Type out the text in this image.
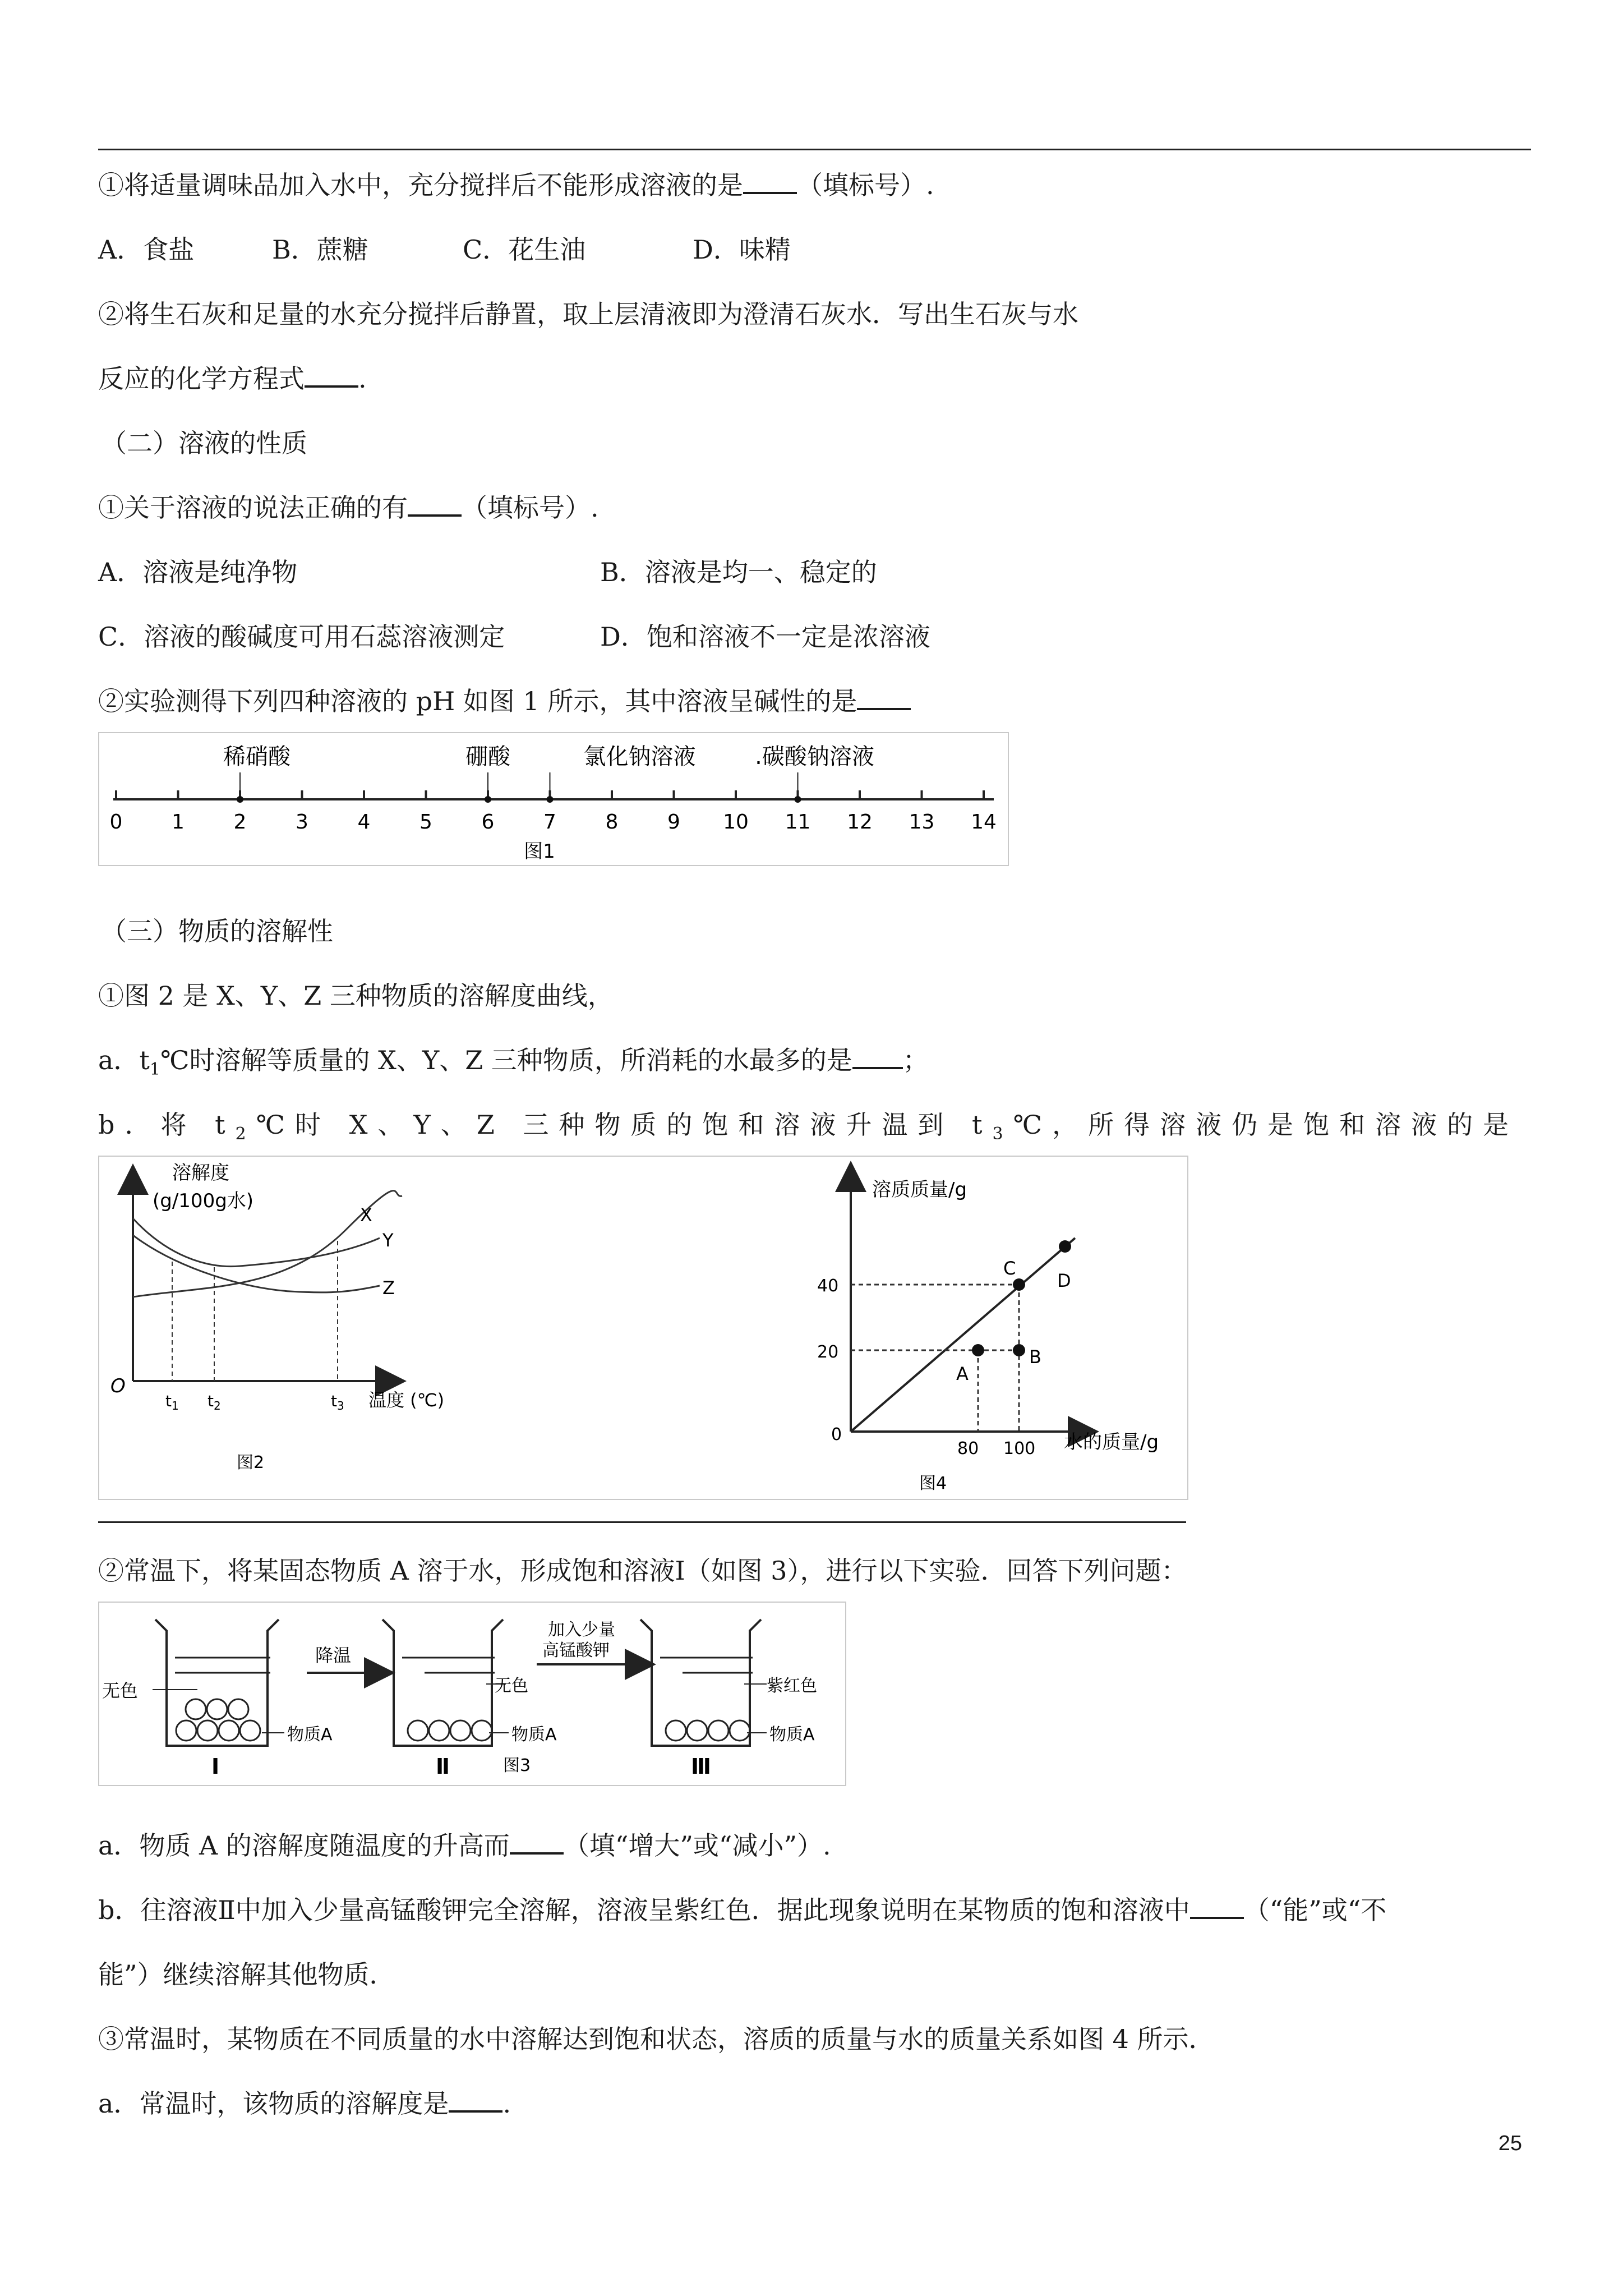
①将适量调味品加入水中，充分搅拌后不能形成溶液的是 （填标号）.
A．食盐	B．蔗糖	C．花生油	D．味精
②将生石灰和足量的水充分搅拌后静置，取上层清液即为澄清石灰水．写出生石灰与水
反应的化学方程式 .
（二）溶液的性质
①关于溶液的说法正确的有 （填标号）.
A．溶液是纯净物	B．溶液是均一、稳定的
C．溶液的酸碱度可用石蕊溶液测定	D．饱和溶液不一定是浓溶液
②实验测得下列四种溶液的 pH 如图 1 所示，其中溶液呈碱性的是
0 1 2 3 4 5 6 7 8 9 10 11 12 13 14
稀硝酸	硼酸	氯化钠溶液	.碳酸钠溶液
图1
（三）物质的溶解性
①图 2 是 X、Y、Z 三种物质的溶解度曲线，
a．$t_1℃$时溶解等质量的 X、Y、Z 三种物质，所消耗的水最多的是 ；
b．将 $t_2℃$时 X、Y、Z 三种物质的饱和溶液升温到 $t_3℃$，所得溶液仍是饱和溶液的是
溶解度
(g/100g水)
O
X
Y
Z
$t_1$ $t_2$	$t_3$ 温度 (℃)
图2
溶质质量/g
水的质量/g
0
20
40
80 100
A
B
C
D
图4
②常温下，将某固态物质 A 溶于水，形成饱和溶液Ⅰ（如图 3），进行以下实验．回答下列问题：
无色
物质A
Ⅰ
降温
无色
物质A
Ⅱ
加入少量
高锰酸钾
紫红色
物质A
Ⅲ
图3
a．物质 A 的溶解度随温度的升高而 （填“增大”或“减小”）.
b．往溶液Ⅱ中加入少量高锰酸钾完全溶解，溶液呈紫红色．据此现象说明在某物质的饱和溶液中 （“能”或“不
能”）继续溶解其他物质．
③常温时，某物质在不同质量的水中溶解达到饱和状态，溶质的质量与水的质量关系如图 4 所示．
a．常温时，该物质的溶解度是 .
25
